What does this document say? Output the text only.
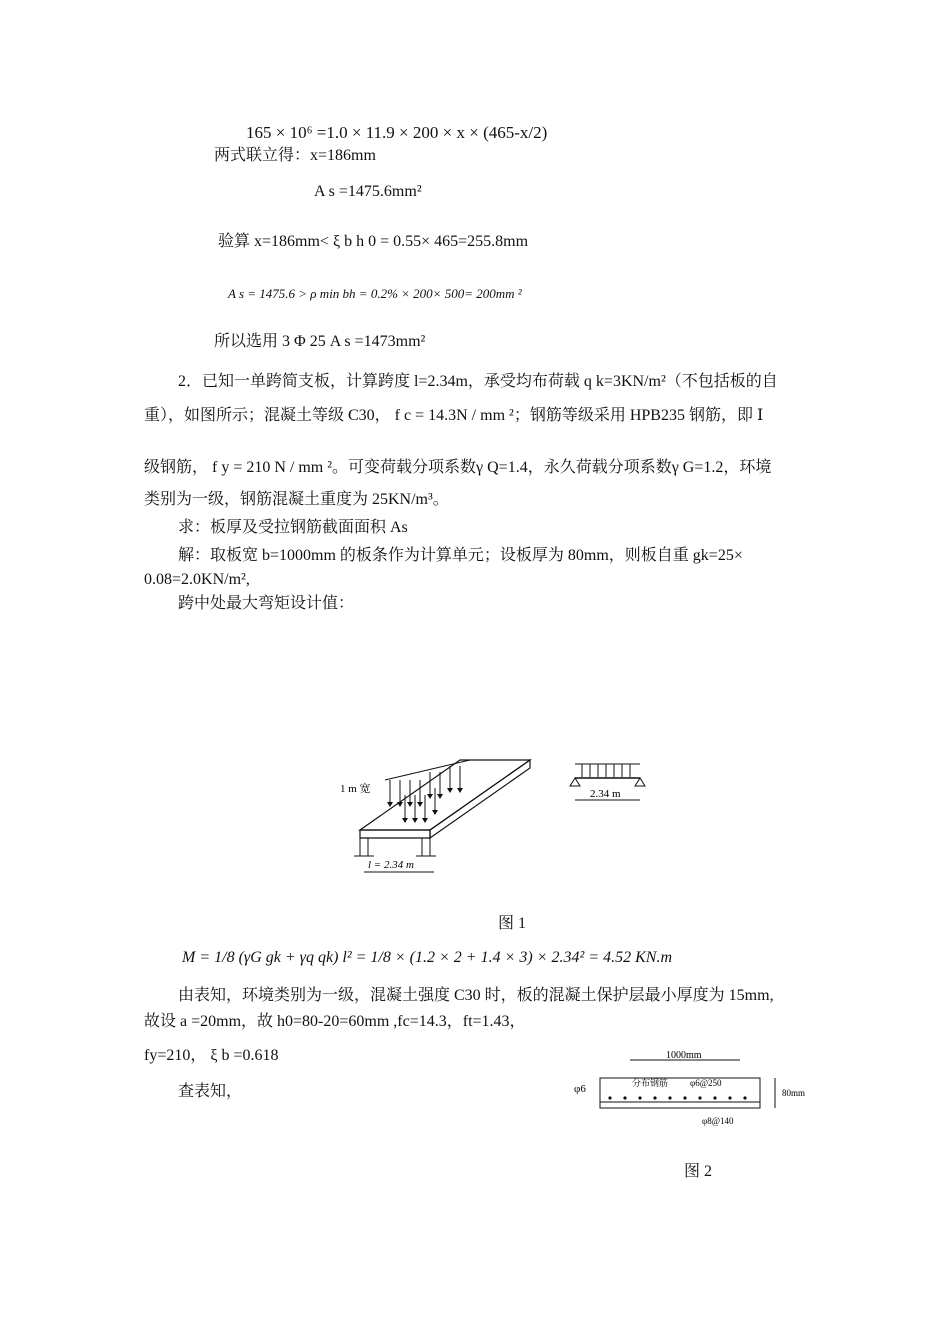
165 × 10⁶ =1.0 × 11.9 × 200 × x × (465-x/2)
两式联立得：x=186mm
A s =1475.6mm²
验算 x=186mm< ξ b h 0 = 0.55× 465=255.8mm
A s = 1475.6 > ρ min bh = 0.2% × 200× 500= 200mm ²
所以选用 3 Φ 25 A s =1473mm²
2．已知一单跨简支板，计算跨度 l=2.34m，承受均布荷载 q k=3KN/m²（不包括板的自
重），如图所示；混凝土等级 C30， f c = 14.3N / mm ²；钢筋等级采用 HPB235 钢筋，即 Ⅰ
级钢筋， f y = 210 N / mm ²。可变荷载分项系数γ Q=1.4，永久荷载分项系数γ G=1.2，环境
类别为一级，钢筋混凝土重度为 25KN/m³。
求：板厚及受拉钢筋截面面积 As
解：取板宽 b=1000mm 的板条作为计算单元；设板厚为 80mm，则板自重 gk=25×
0.08=2.0KN/m²,
跨中处最大弯矩设计值：
1 m 宽
l = 2.34 m
2.34 m
图 1
M = 1/8 (γG gk + γq qk) l² = 1/8 × (1.2 × 2 + 1.4 × 3) × 2.34² = 4.52 KN.m
由表知，环境类别为一级，混凝土强度 C30 时，板的混凝土保护层最小厚度为 15mm,
故设 a =20mm，故 h0=80-20=60mm ,fc=14.3，ft=1.43，
fy=210， ξ b =0.618
查表知，
1000mm
φ6	分布钢筋 φ6@250
φ8@140
80mm
图 2
